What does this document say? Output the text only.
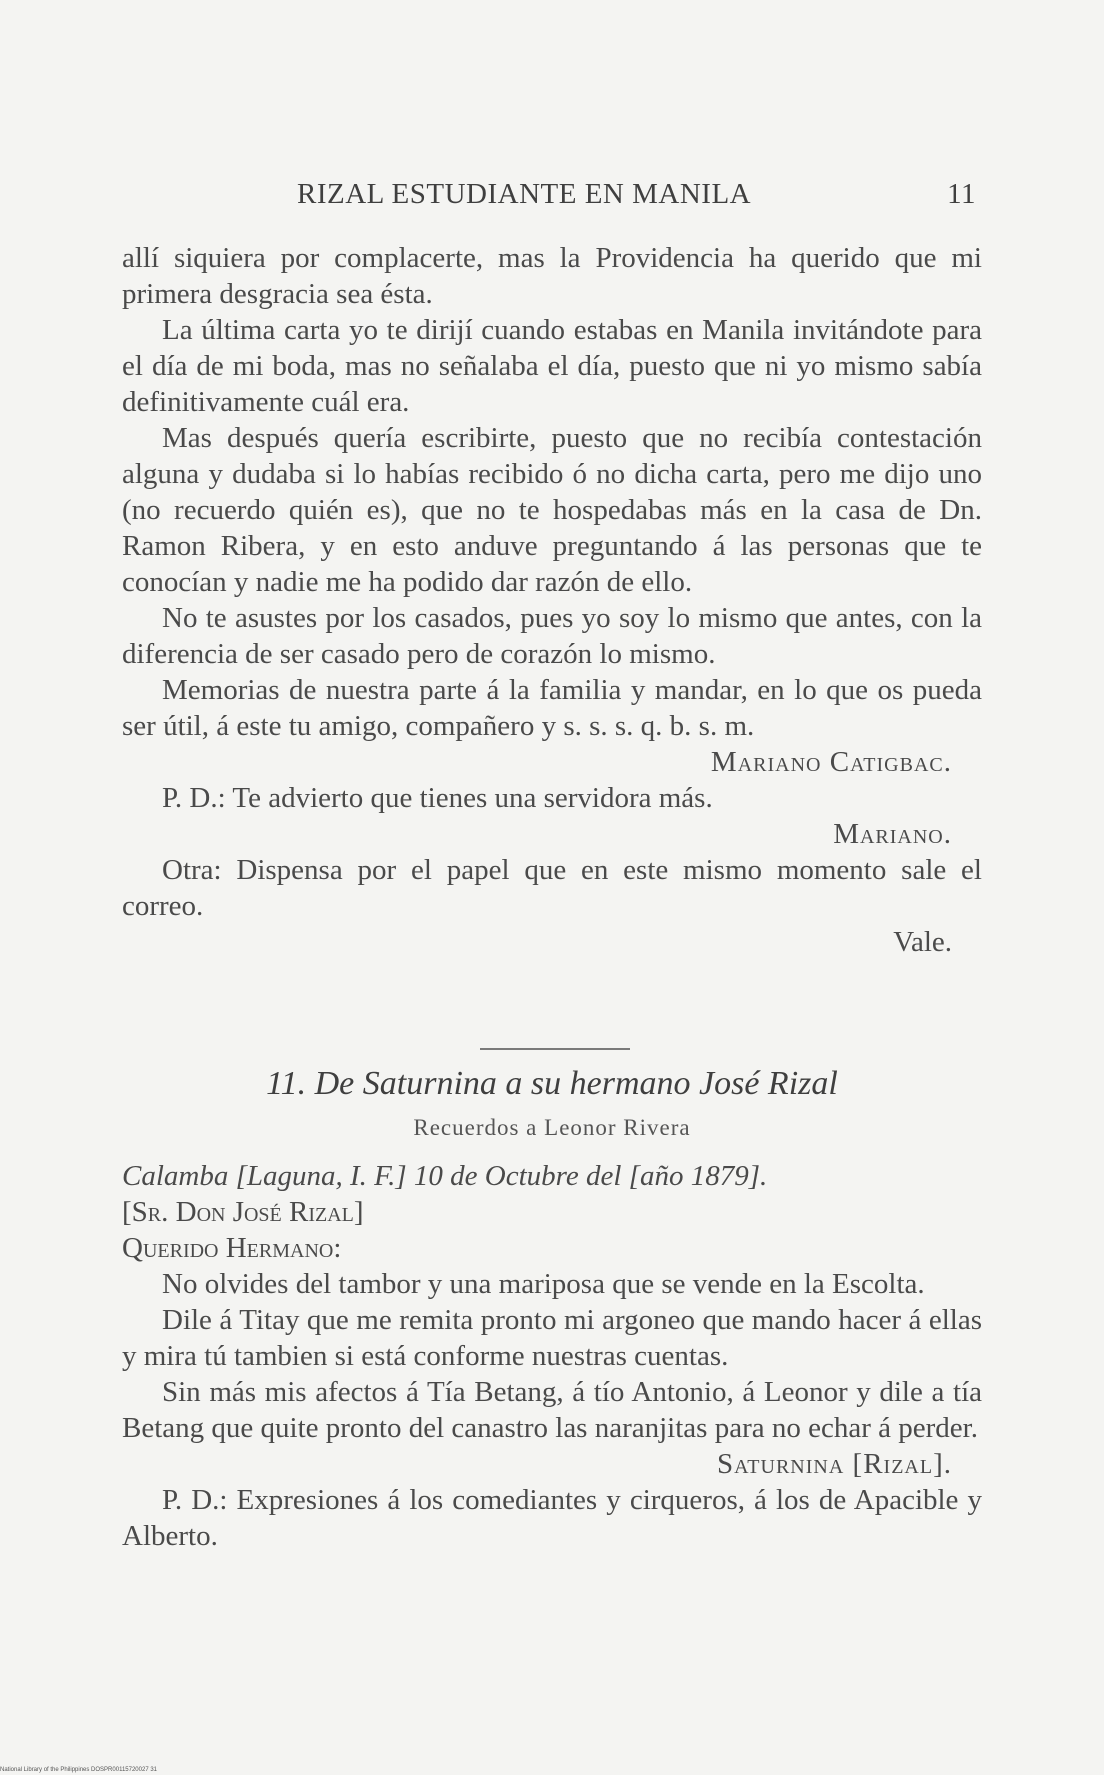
RIZAL ESTUDIANTE EN MANILA	11

allí siquiera por complacerte, mas la Providencia ha querido que mi primera desgracia sea ésta.

La última carta yo te dirijí cuando estabas en Manila invitándote para el día de mi boda, mas no señalaba el día, puesto que ni yo mismo sabía definitivamente cuál era.

Mas después quería escribirte, puesto que no recibía contestación alguna y dudaba si lo habías recibido ó no dicha carta, pero me dijo uno (no recuerdo quién es), que no te hospedabas más en la casa de Dn. Ramon Ribera, y en esto anduve preguntando á las personas que te conocían y nadie me ha podido dar razón de ello.

No te asustes por los casados, pues yo soy lo mismo que antes, con la diferencia de ser casado pero de corazón lo mismo.

Memorias de nuestra parte á la familia y mandar, en lo que os pueda ser útil, á este tu amigo, compañero y s. s. s. q. b. s. m.

Mariano Catigbac.

P. D.: Te advierto que tienes una servidora más.

Mariano.

Otra: Dispensa por el papel que en este mismo momento sale el correo.

Vale.

11. De Saturnina a su hermano José Rizal
Recuerdos a Leonor Rivera

Calamba [Laguna, I. F.] 10 de Octubre del [año 1879].

[Sr. Don José Rizal]

Querido Hermano:

No olvides del tambor y una mariposa que se vende en la Escolta.

Dile á Titay que me remita pronto mi argoneo que mando hacer á ellas y mira tú tambien si está conforme nuestras cuentas.

Sin más mis afectos á Tía Betang, á tío Antonio, á Leonor y dile a tía Betang que quite pronto del canastro las naranjitas para no echar á perder.

Saturnina [Rizal].

P. D.: Expresiones á los comediantes y cirqueros, á los de Apacible y Alberto.

National Library of the Philippines DOSPR00115720027 31
